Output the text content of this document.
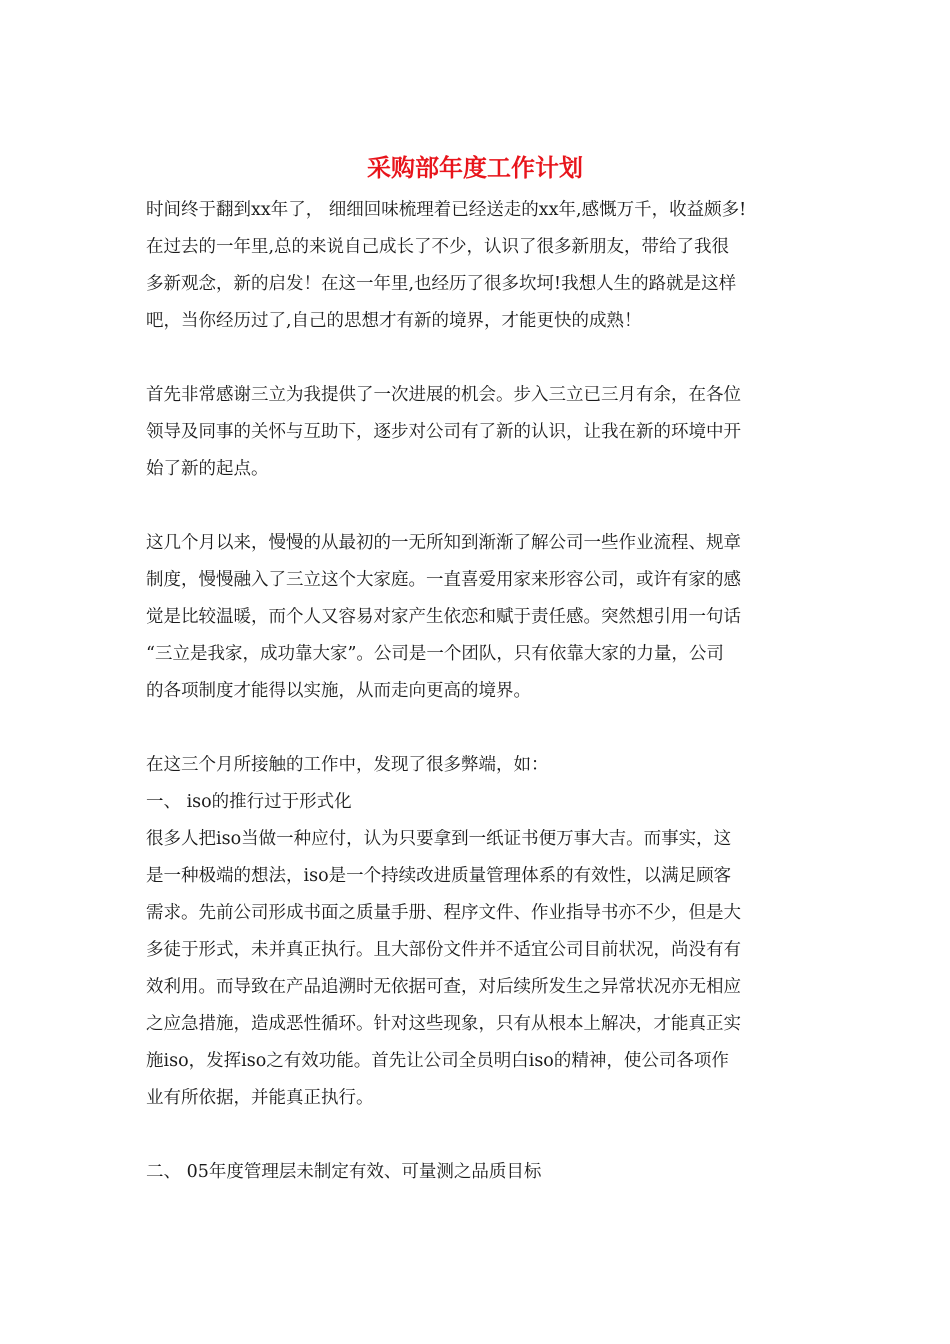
采购部年度工作计划
时间终于翻到xx年了， 细细回味梳理着已经送走的xx年,感慨万千，收益颇多!
在过去的一年里,总的来说自己成长了不少，认识了很多新朋友，带给了我很
多新观念，新的启发！在这一年里,也经历了很多坎坷!我想人生的路就是这样
吧，当你经历过了,自己的思想才有新的境界，才能更快的成熟！
首先非常感谢三立为我提供了一次进展的机会。步入三立已三月有余，在各位
领导及同事的关怀与互助下，逐步对公司有了新的认识，让我在新的环境中开
始了新的起点。
这几个月以来，慢慢的从最初的一无所知到渐渐了解公司一些作业流程、规章
制度，慢慢融入了三立这个大家庭。一直喜爱用家来形容公司，或许有家的感
觉是比较温暖，而个人又容易对家产生依恋和赋于责任感。突然想引用一句话
“三立是我家，成功靠大家”。公司是一个团队，只有依靠大家的力量，公司
的各项制度才能得以实施，从而走向更高的境界。
在这三个月所接触的工作中，发现了很多弊端，如：
一、 iso的推行过于形式化
很多人把iso当做一种应付，认为只要拿到一纸证书便万事大吉。而事实，这
是一种极端的想法，iso是一个持续改进质量管理体系的有效性，以满足顾客
需求。先前公司形成书面之质量手册、程序文件、作业指导书亦不少，但是大
多徒于形式，未并真正执行。且大部份文件并不适宜公司目前状况，尚没有有
效利用。而导致在产品追溯时无依据可查，对后续所发生之异常状况亦无相应
之应急措施，造成恶性循环。针对这些现象，只有从根本上解决，才能真正实
施iso，发挥iso之有效功能。首先让公司全员明白iso的精神，使公司各项作
业有所依据，并能真正执行。
二、 05年度管理层未制定有效、可量测之品质目标
